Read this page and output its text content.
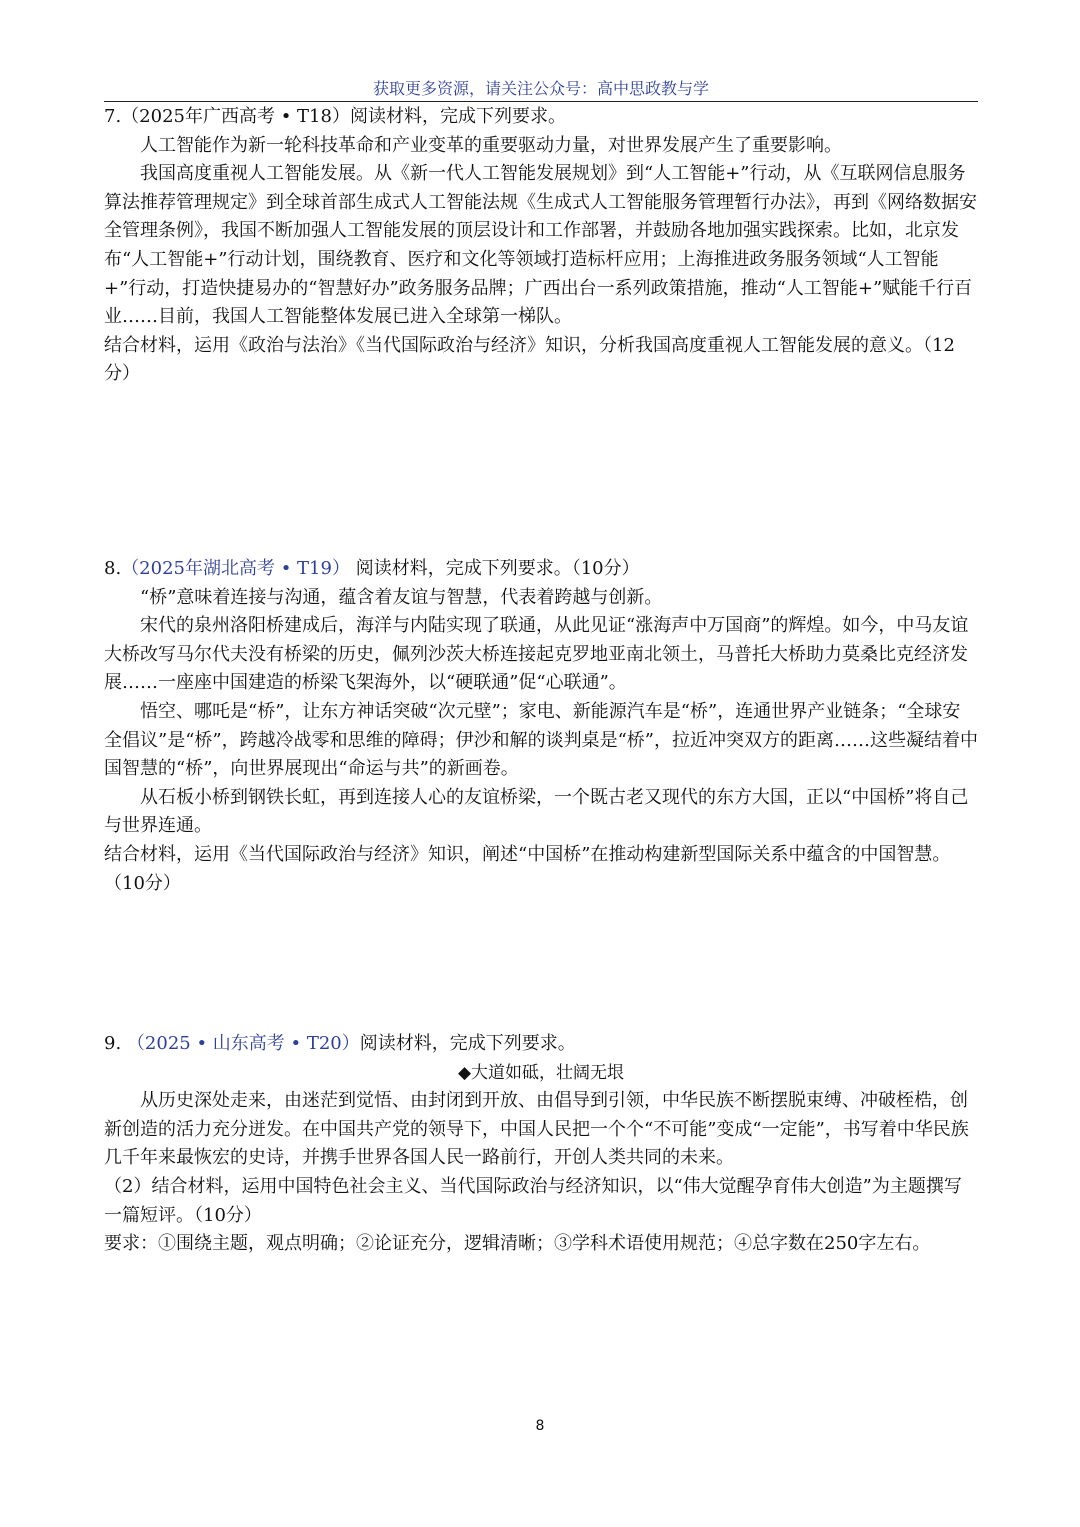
获取更多资源，请关注公众号：高中思政教与学

7.（2025年广西高考 • T18）阅读材料，完成下列要求。

人工智能作为新一轮科技革命和产业变革的重要驱动力量，对世界发展产生了重要影响。

我国高度重视人工智能发展。从《新一代人工智能发展规划》到“人工智能+”行动，从《互联网信息服务算法推荐管理规定》到全球首部生成式人工智能法规《生成式人工智能服务管理暂行办法》，再到《网络数据安全管理条例》，我国不断加强人工智能发展的顶层设计和工作部署，并鼓励各地加强实践探索。比如，北京发布“人工智能+”行动计划，围绕教育、医疗和文化等领域打造标杆应用；上海推进政务服务领域“人工智能+”行动，打造快捷易办的“智慧好办”政务服务品牌；广西出台一系列政策措施，推动“人工智能+”赋能千行百业……目前，我国人工智能整体发展已进入全球第一梯队。

结合材料，运用《政治与法治》《当代国际政治与经济》知识，分析我国高度重视人工智能发展的意义。（12分）

8.（2025年湖北高考 • T19） 阅读材料，完成下列要求。（10分）

“桥”意味着连接与沟通，蕴含着友谊与智慧，代表着跨越与创新。

宋代的泉州洛阳桥建成后，海洋与内陆实现了联通，从此见证“涨海声中万国商”的辉煌。如今，中马友谊大桥改写马尔代夫没有桥梁的历史，佩列沙茨大桥连接起克罗地亚南北领土，马普托大桥助力莫桑比克经济发展……一座座中国建造的桥梁飞架海外，以“硬联通”促“心联通”。

悟空、哪吒是“桥”，让东方神话突破“次元壁”；家电、新能源汽车是“桥”，连通世界产业链条；“全球安全倡议”是“桥”，跨越冷战零和思维的障碍；伊沙和解的谈判桌是“桥”，拉近冲突双方的距离……这些凝结着中国智慧的“桥”，向世界展现出“命运与共”的新画卷。

从石板小桥到钢铁长虹，再到连接人心的友谊桥梁，一个既古老又现代的东方大国，正以“中国桥”将自己与世界连通。

结合材料，运用《当代国际政治与经济》知识，阐述“中国桥”在推动构建新型国际关系中蕴含的中国智慧。（10分）

9. （2025 • 山东高考 • T20）阅读材料，完成下列要求。

◆大道如砥，壮阔无垠

从历史深处走来，由迷茫到觉悟、由封闭到开放、由倡导到引领，中华民族不断摆脱束缚、冲破桎梏，创新创造的活力充分迸发。在中国共产党的领导下，中国人民把一个个“不可能”变成“一定能”，书写着中华民族几千年来最恢宏的史诗，并携手世界各国人民一路前行，开创人类共同的未来。

（2）结合材料，运用中国特色社会主义、当代国际政治与经济知识，以“伟大觉醒孕育伟大创造”为主题撰写一篇短评。（10分）

要求：①围绕主题，观点明确；②论证充分，逻辑清晰；③学科术语使用规范；④总字数在250字左右。

8
